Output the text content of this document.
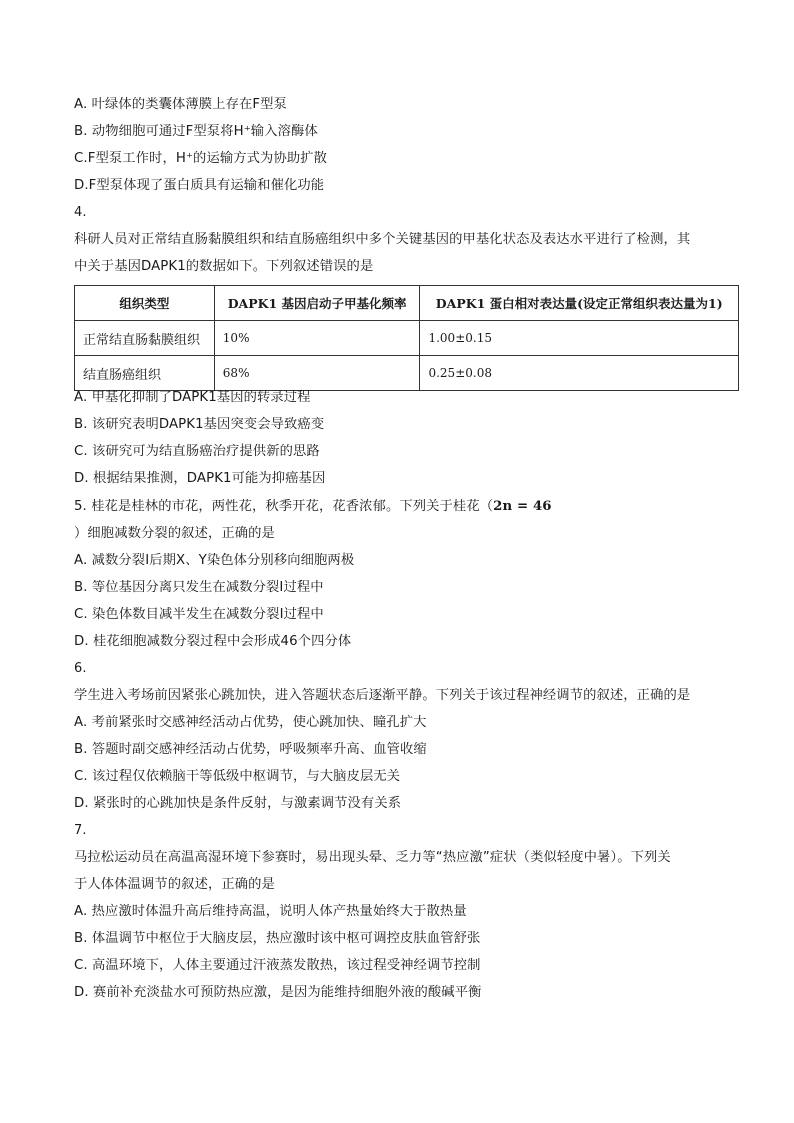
A. 叶绿体的类囊体薄膜上存在F型泵
B. 动物细胞可通过F型泵将H⁺输入溶酶体
C.F型泵工作时，H⁺的运输方式为协助扩散
D.F型泵体现了蛋白质具有运输和催化功能
4.
科研人员对正常结直肠黏膜组织和结直肠癌组织中多个关键基因的甲基化状态及表达水平进行了检测，其
中关于基因DAPK1的数据如下。下列叙述错误的是
组织类型	DAPK1 基因启动子甲基化频率	DAPK1 蛋白相对表达量(设定正常组织表达量为1)
正常结直肠黏膜组织	10%	1.00±0.15
结直肠癌组织	68%	0.25±0.08
A. 甲基化抑制了DAPK1基因的转录过程
B. 该研究表明DAPK1基因突变会导致癌变
C. 该研究可为结直肠癌治疗提供新的思路
D. 根据结果推测，DAPK1可能为抑癌基因
5. 桂花是桂林的市花，两性花，秋季开花，花香浓郁。下列关于桂花（2n = 46
）细胞减数分裂的叙述，正确的是
A. 减数分裂Ⅰ后期X、Y染色体分别移向细胞两极
B. 等位基因分离只发生在减数分裂Ⅰ过程中
C. 染色体数目减半发生在减数分裂Ⅰ过程中
D. 桂花细胞减数分裂过程中会形成46个四分体
6.
学生进入考场前因紧张心跳加快，进入答题状态后逐渐平静。下列关于该过程神经调节的叙述，正确的是
A. 考前紧张时交感神经活动占优势，使心跳加快、瞳孔扩大
B. 答题时副交感神经活动占优势，呼吸频率升高、血管收缩
C. 该过程仅依赖脑干等低级中枢调节，与大脑皮层无关
D. 紧张时的心跳加快是条件反射，与激素调节没有关系
7.
马拉松运动员在高温高湿环境下参赛时，易出现头晕、乏力等“热应激”症状（类似轻度中暑）。下列关
于人体体温调节的叙述，正确的是
A. 热应激时体温升高后维持高温，说明人体产热量始终大于散热量
B. 体温调节中枢位于大脑皮层，热应激时该中枢可调控皮肤血管舒张
C. 高温环境下，人体主要通过汗液蒸发散热，该过程受神经调节控制
D. 赛前补充淡盐水可预防热应激，是因为能维持细胞外液的酸碱平衡
